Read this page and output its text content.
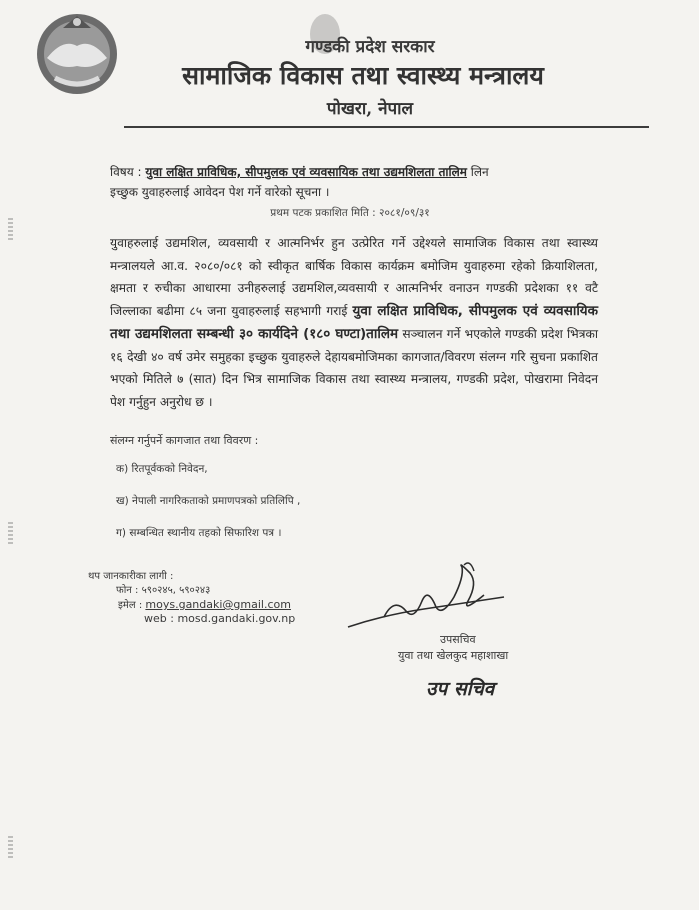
गण्डकी प्रदेश सरकार
सामाजिक विकास तथा स्वास्थ्य मन्त्रालय
पोखरा, नेपाल
विषय : युवा लक्षित प्राविधिक, सीपमुलक एवं व्यवसायिक तथा उद्यमशिलता तालिम लिन
इच्छुक युवाहरुलाई आवेदन पेश गर्ने वारेको सूचना ।
प्रथम पटक प्रकाशित मिति : २०८१/०९/३१
युवाहरुलाई उद्यमशिल, व्यवसायी र आत्मनिर्भर हुन उत्प्रेरित गर्ने उद्देश्यले सामाजिक विकास तथा स्वास्थ्य मन्त्रालयले आ.व. २०८०/०८१ को स्वीकृत बार्षिक विकास कार्यक्रम बमोजिम युवाहरुमा रहेको क्रियाशिलता, क्षमता र रुचीका आधारमा उनीहरुलाई उद्यमशिल,व्यवसायी र आत्मनिर्भर वनाउन गण्डकी प्रदेशका ११ वटै जिल्लाका बढीमा ८५ जना युवाहरुलाई सहभागी गराई युवा लक्षित प्राविधिक, सीपमुलक एवं व्यवसायिक तथा उद्यमशिलता सम्बन्धी ३० कार्यदिने (१८० घण्टा)तालिम सञ्चालन गर्ने भएकोले गण्डकी प्रदेश भित्रका १६ देखी ४० वर्ष उमेर समुहका इच्छुक युवाहरुले देहायबमोजिमका कागजात/विवरण संलग्न गरि सुचना प्रकाशित भएको मितिले ७ (सात) दिन भित्र सामाजिक विकास तथा स्वास्थ्य मन्त्रालय, गण्डकी प्रदेश, पोखरामा निवेदन पेश गर्नुहुन अनुरोध छ ।
संलग्न गर्नुपर्ने कागजात तथा विवरण :
क) रितपूर्वकको निवेदन,
ख) नेपाली नागरिकताको प्रमाणपत्रको प्रतिलिपि ,
ग) सम्बन्धित स्थानीय तहको सिफारिश पत्र ।
थप जानकारीका लागी :
फोन : ५९०२४५, ५९०२४३
इमेल : moys.gandaki@gmail.com
web : mosd.gandaki.gov.np
उपसचिव
युवा तथा खेलकुद महाशाखा
उप सचिव
